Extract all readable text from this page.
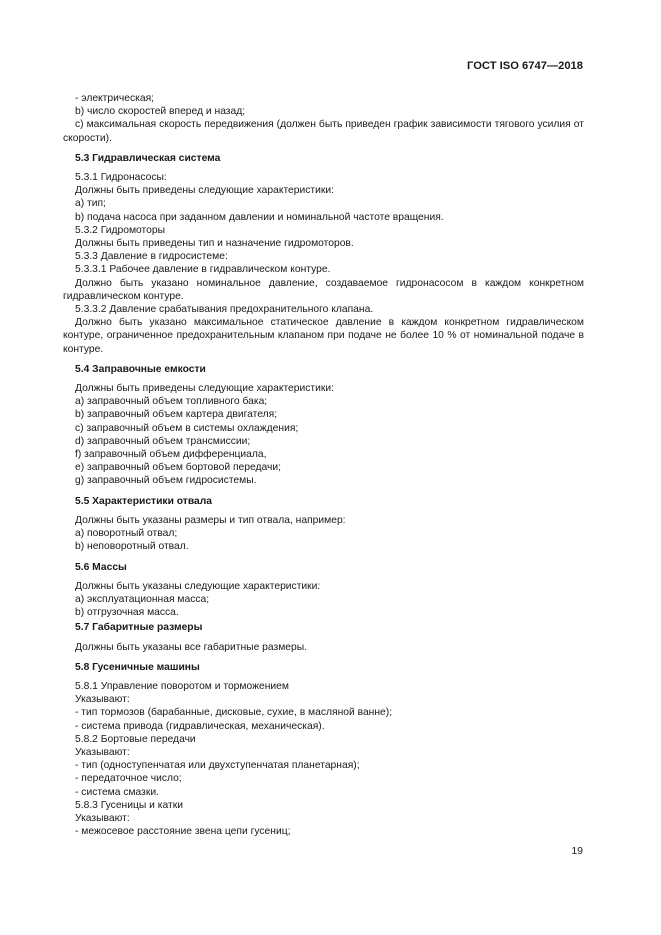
ГОСТ ISO 6747—2018

- электрическая;

b) число скоростей вперед и назад;

c) максимальная скорость передвижения (должен быть приведен график зависимости тягового усилия от скорости).

5.3 Гидравлическая система

5.3.1 Гидронасосы:

Должны быть приведены следующие характеристики:

а) тип;

b) подача насоса при заданном давлении и номинальной частоте вращения.

5.3.2 Гидромоторы

Должны быть приведены тип и назначение гидромоторов.

5.3.3 Давление в гидросистеме:

5.3.3.1 Рабочее давление в гидравлическом контуре.

Должно быть указано номинальное давление, создаваемое гидронасосом в каждом конкретном гидравлическом контуре.

5.3.3.2 Давление срабатывания предохранительного клапана.

Должно быть указано максимальное статическое давление в каждом конкретном гидравлическом контуре, ограниченное предохранительным клапаном при подаче не более 10 % от номинальной подаче в контуре.

5.4 Заправочные емкости

Должны быть приведены следующие характеристики:

а) заправочный объем топливного бака;

b) заправочный объем картера двигателя;

c) заправочный объем в системы охлаждения;

d) заправочный объем трансмиссии;

f) заправочный объем дифференциала,

e) заправочный объем бортовой передачи;

g) заправочный объем гидросистемы.

5.5 Характеристики отвала

Должны быть указаны размеры и тип отвала, например:

a) поворотный отвал;

b) неповоротный отвал.

5.6 Массы

Должны быть указаны следующие характеристики:

а) эксплуатационная масса;

b) отгрузочная масса.

5.7 Габаритные размеры

Должны быть указаны все габаритные размеры.

5.8 Гусеничные машины

5.8.1 Управление поворотом и торможением

Указывают:

- тип тормозов (барабанные, дисковые, сухие, в масляной ванне);

- система привода (гидравлическая, механическая).

5.8.2 Бортовые передачи

Указывают:

- тип (одноступенчатая или двухступенчатая планетарная);

- передаточное число;

- система смазки.

5.8.3 Гусеницы и катки

Указывают:

- межосевое расстояние звена цепи гусениц;

19
